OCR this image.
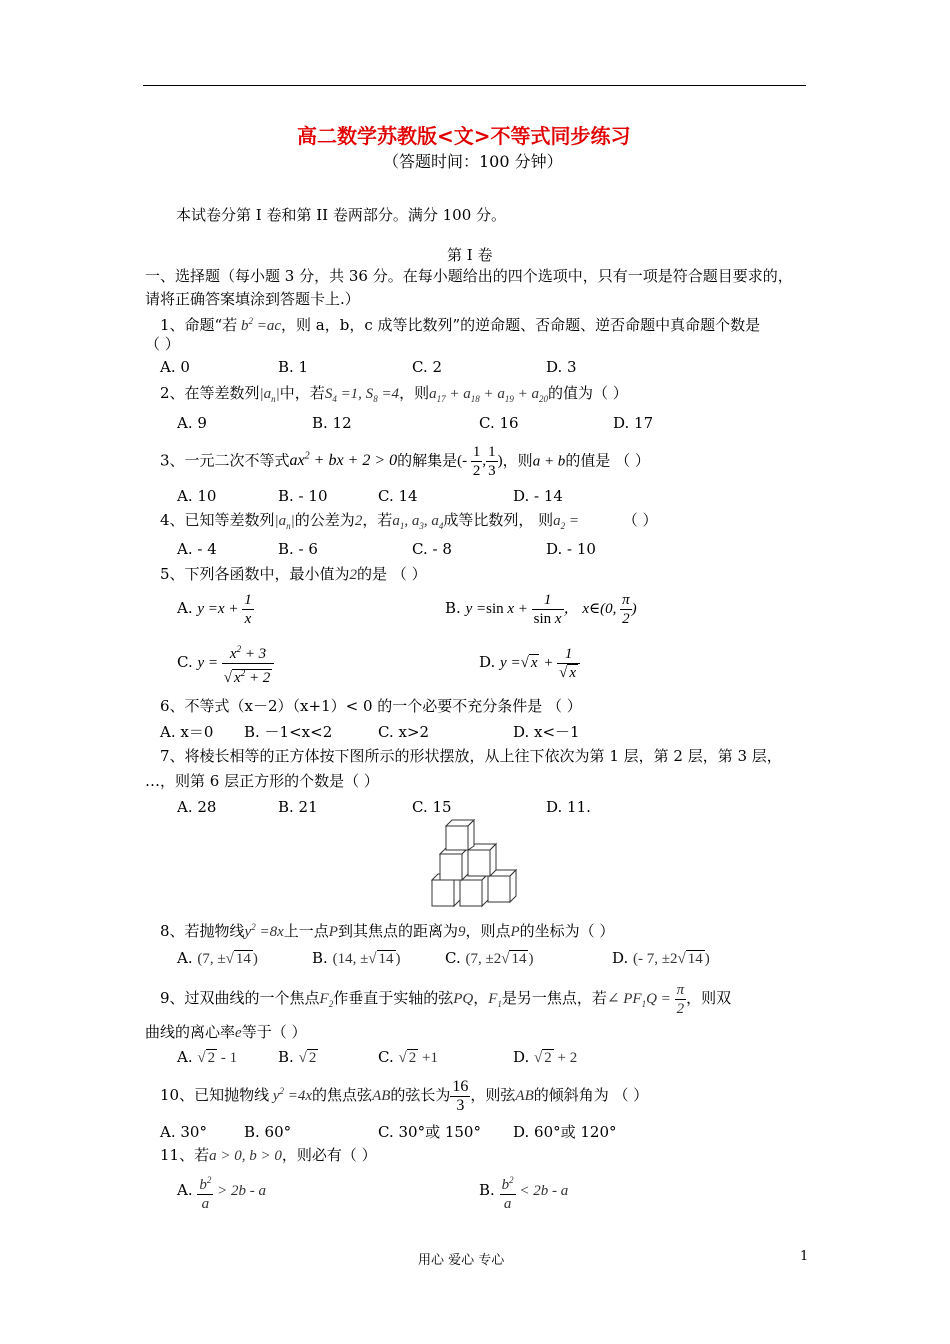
高二数学苏教版<文>不等式同步练习
（答题时间：100 分钟）
本试卷分第 I 卷和第 II 卷两部分。满分 100 分。
第 I 卷
一、选择题（每小题 3 分，共 36 分。在每小题给出的四个选项中，只有一项是符合题目要求的，
请将正确答案填涂到答题卡上.）
1、命题“若 $b^2 =ac$，则 a，b，c 成等比数列”的逆命题、否命题、逆否命题中真命题个数是
（ ）
A. 0	B. 1	C. 2	D. 3
2、在等差数列$|a_n|$中，若$S_4 =1$, $S_8 =4$，则$a_{17} + a_{18} + a_{19} + a_{20}$的值为（ ）
A. 9	B. 12	C. 16	D. 17
3、一元二次不等式$ax^2$ + bx + 2 > 0的解集是(- $\frac{1}{2}$ , $\frac{1}{3}$ )，则a + b的值是 （ ）
A. 10	B. - 10	C. 14	D. - 14
4、已知等差数列$|a_n|$的公差为2，若$a_1$, $a_3$, $a_4$成等比数列， 则$a_2$ =	（ ）
A. - 4	B. - 6	C. - 8	D. - 10
5、下列各函数中，最小值为2的是 （ ）
A. $y =x + \frac{1}{x}$	B. y =sin $x + \frac{1}{\text{sin x}}$ ， x∈(0, $\frac{\pi}{2}$ )
C. $y = \frac{x^2 + 3}{√ x^2 + 2}$	D. y =√ $x + \frac{1}{√ x}$
6、不等式（x－2）（x+1）< 0 的一个必要不充分条件是 （ ）
A. x＝0 B. －1<x<2	C. x>2	D. x<－1
7、将棱长相等的正方体按下图所示的形状摆放，从上往下依次为第 1 层，第 2 层，第 3 层，
…，则第 6 层正方形的个数是（ ）
A. 28	B. 21	C. 15	D. 11.
8、若抛物线$y^2 =8x$上一点P到其焦点的距离为9，则点P的坐标为（ ）
A. (7, ±√ 14 )	B. (14, ±√ 14 )	C. (7, ±2√ 14 )	D. (- 7, ±2√ 14 )
9、过双曲线的一个焦点$F_2$作垂直于实轴的弦PQ，$F_1$是另一焦点，若∠ $PF_1Q = \frac{\pi}{2}$ ，则双
曲线的离心率e等于（ ）
A. √ 2 - 1	B. √ 2	C. √ 2 +1	D. √ 2 + 2
10、已知抛物线 $y^2 =4x$的焦点弦AB的弦长为 $\frac{16}{3}$ ，则弦AB的倾斜角为 （ ）
A. 30° B. 60°	C. 30°或 150° D. 60°或 120°
11、若a > 0, b > 0，则必有（ ）
A. $\frac{b^2}{a} > 2b - a$	B. $\frac{b^2}{a} < 2b - a$
用心 爱心 专心	1
